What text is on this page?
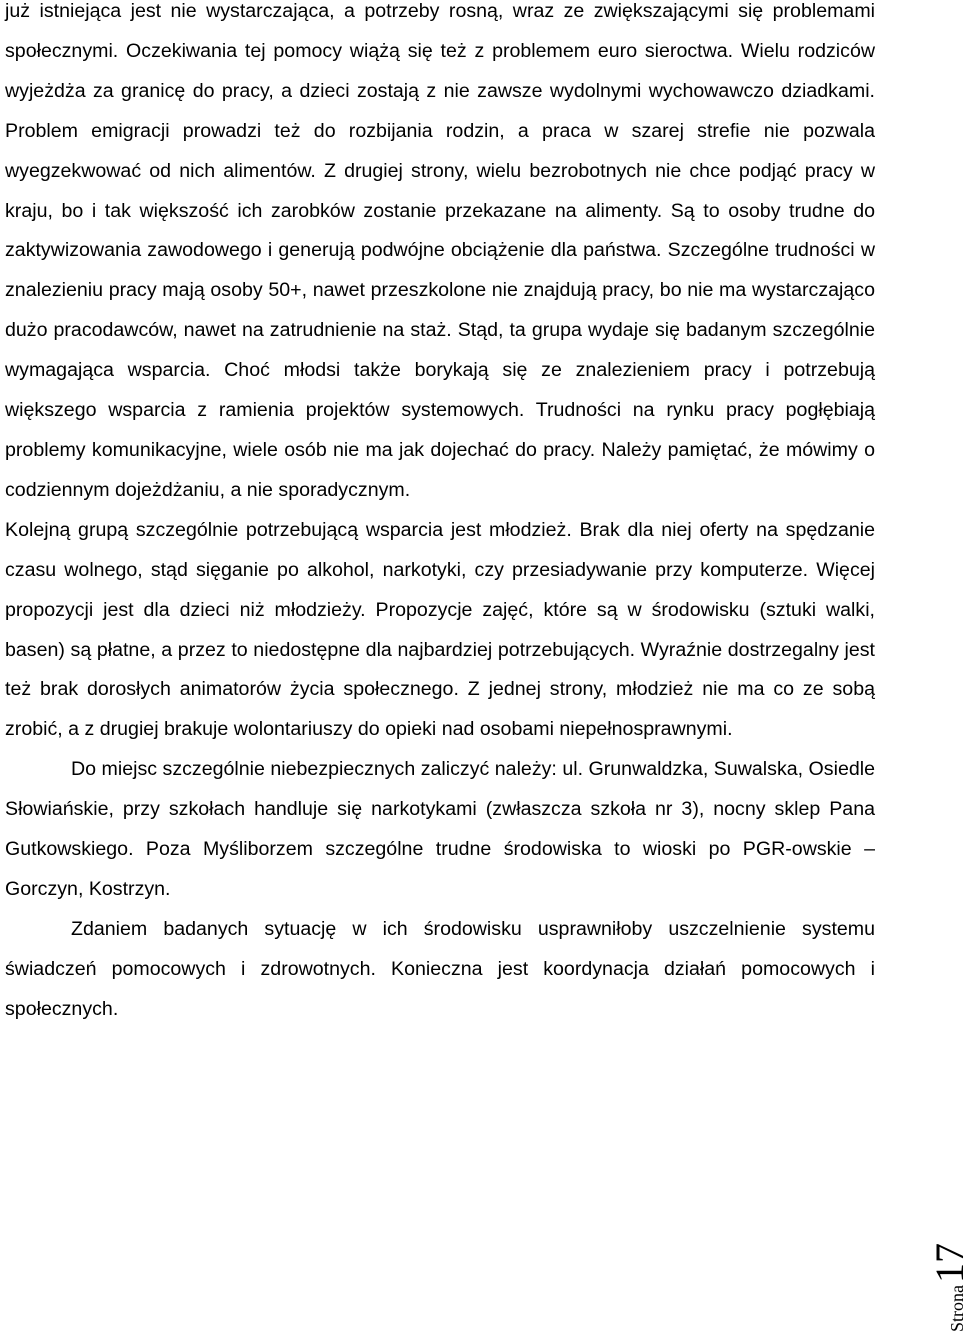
już istniejąca jest nie wystarczająca, a potrzeby rosną, wraz ze zwiększającymi się problemami społecznymi. Oczekiwania tej pomocy wiążą się też z problemem euro sieroctwa. Wielu rodziców wyjeżdża za granicę do pracy, a dzieci zostają z nie zawsze wydolnymi wychowawczo dziadkami. Problem emigracji prowadzi też do rozbijania rodzin, a praca w szarej strefie nie pozwala wyegzekwować od nich alimentów. Z drugiej strony, wielu bezrobotnych nie chce podjąć pracy w kraju, bo i tak większość ich zarobków zostanie przekazane na alimenty. Są to osoby trudne do zaktywizowania zawodowego i generują podwójne obciążenie dla państwa. Szczególne trudności w znalezieniu pracy mają osoby 50+, nawet przeszkolone nie znajdują pracy, bo nie ma wystarczająco dużo pracodawców, nawet na zatrudnienie na staż. Stąd, ta grupa wydaje się badanym szczególnie wymagająca wsparcia. Choć młodsi także borykają się ze znalezieniem pracy i potrzebują większego wsparcia z ramienia projektów systemowych. Trudności na rynku pracy pogłębiają problemy komunikacyjne, wiele osób nie ma jak dojechać do pracy. Należy pamiętać, że mówimy o codziennym dojeżdżaniu, a nie sporadycznym.

Kolejną grupą szczególnie potrzebującą wsparcia jest młodzież. Brak dla niej oferty na spędzanie czasu wolnego, stąd sięganie po alkohol, narkotyki, czy przesiadywanie przy komputerze. Więcej propozycji jest dla dzieci niż młodzieży. Propozycje zajęć, które są w środowisku (sztuki walki, basen) są płatne, a przez to niedostępne dla najbardziej potrzebujących. Wyraźnie dostrzegalny jest też brak dorosłych animatorów życia społecznego. Z jednej strony, młodzież nie ma co ze sobą zrobić, a z drugiej brakuje wolontariuszy do opieki nad osobami niepełnosprawnymi.

Do miejsc szczególnie niebezpiecznych zaliczyć należy: ul. Grunwaldzka, Suwalska, Osiedle Słowiańskie, przy szkołach handluje się narkotykami (zwłaszcza szkoła nr 3), nocny sklep Pana Gutkowskiego. Poza Myśliborzem szczególne trudne środowiska to wioski po PGR-owskie – Gorczyn, Kostrzyn.

Zdaniem badanych sytuację w ich środowisku usprawniłoby uszczelnienie systemu świadczeń pomocowych i zdrowotnych. Konieczna jest koordynacja działań pomocowych i społecznych.

Strona17
